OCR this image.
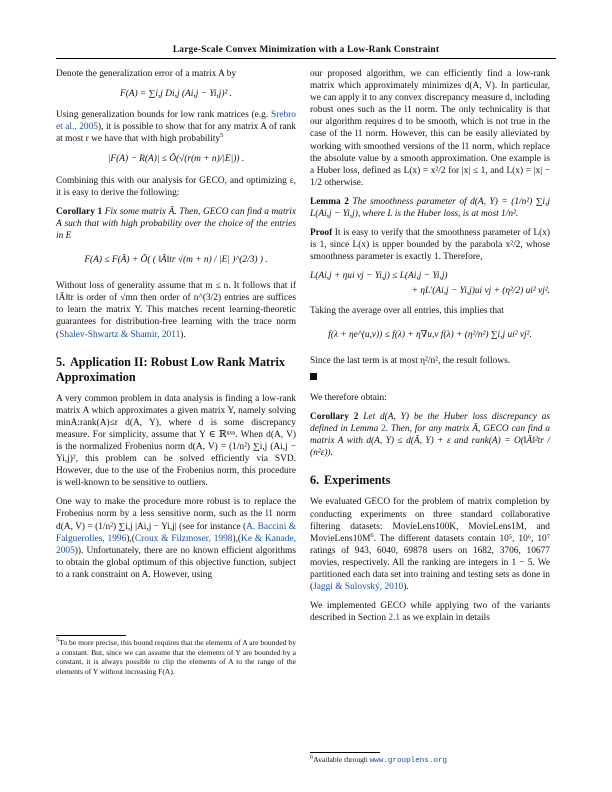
Large-Scale Convex Minimization with a Low-Rank Constraint

Denote the generalization error of a matrix A by

F(A) = ∑i,j Di,j (Ai,j − Yi,j)² .

Using generalization bounds for low rank matrices (e.g. Srebro et al., 2005), it is possible to show that for any matrix A of rank at most r we have that with high probability$^5$

|F(A) − R(A)| ≤ Õ(√(r(m + n)/|E|)) .

Combining this with our analysis for GECO, and optimizing ε, it is easy to derive the following:

Corollary 1 Fix some matrix Ā. Then, GECO can find a matrix A such that with high probability over the choice of the entries in E

F(A) ≤ F(Ā) + Õ( ( ‖Ā‖tr √(m + n) / |E| )^(2/3) ) .

Without loss of generality assume that m ≤ n. It follows that if ‖Ā‖tr is order of √mn then order of n^(3/2) entries are suffices to learn the matrix Y. This matches recent learning-theoretic guarantees for distribution-free learning with the trace norm (Shalev-Shwartz & Shamir, 2011).

5. Application II: Robust Low Rank Matrix Approximation

A very common problem in data analysis is finding a low-rank matrix A which approximates a given matrix Y, namely solving minA:rank(A)≤r d(A, Y), where d is some discrepancy measure. For simplicity, assume that Y ∈ ℝⁿˣⁿ. When d(A, V) is the normalized Frobenius norm d(A, V) = (1/n²) ∑i,j (Ai,j − Yi,j)², this problem can be solved efficiently via SVD. However, due to the use of the Frobenius norm, this procedure is well-known to be sensitive to outliers.

One way to make the procedure more robust is to replace the Frobenius norm by a less sensitive norm, such as the l1 norm d(A, V) = (1/n²) ∑i,j |Ai,j − Yi,j| (see for instance (A. Baccini & Falguerolles, 1996),(Croux & Filzmoser, 1998),(Ke & Kanade, 2005)). Unfortunately, there are no known efficient algorithms to obtain the global optimum of this objective function, subject to a rank constraint on A. However, using

$^5$To be more precise, this bound requires that the elements of A are bounded by a constant. But, since we can assume that the elements of Y are bounded by a constant, it is always possible to clip the elements of A to the range of the elements of Y without increasing F(A).

our proposed algorithm, we can efficiently find a low-rank matrix which approximately minimizes d(A, V). In particular, we can apply it to any convex discrepancy measure d, including robust ones such as the l1 norm. The only technicality is that our algorithm requires d to be smooth, which is not true in the case of the l1 norm. However, this can be easily alleviated by working with smoothed versions of the l1 norm, which replace the absolute value by a smooth approximation. One example is a Huber loss, defined as L(x) = x²/2 for |x| ≤ 1, and L(x) = |x| − 1/2 otherwise.

Lemma 2 The smoothness parameter of d(A, Y) = (1/n²) ∑i,j L(Ai,j − Yi,j), where L is the Huber loss, is at most 1/n².

Proof It is easy to verify that the smoothness parameter of L(x) is 1, since L(x) is upper bounded by the parabola x²/2, whose smoothness parameter is exactly 1. Therefore,

L(Ai,j + ηui vj − Yi,j) ≤ L(Ai,j − Yi,j)
+ ηL′(Ai,j − Yi,j)ui vj + (η²/2) ui² vj².

Taking the average over all entries, this implies that

f(λ + ηe^(u,v)) ≤ f(λ) + η∇u,v f(λ) + (η²/n²) ∑i,j ui² vj².

Since the last term is at most η²/n², the result follows.

We therefore obtain:

Corollary 2 Let d(A, Y) be the Huber loss discrepancy as defined in Lemma 2. Then, for any matrix Ā, GECO can find a matrix A with d(A, Y) ≤ d(Ā, Y) + ε and rank(A) = O(‖Ā‖²tr / (n²ε)).

6. Experiments

We evaluated GECO for the problem of matrix completion by conducting experiments on three standard collaborative filtering datasets: MovieLens100K, MovieLens1M, and $MovieLens10M^6$. The different datasets contain 10⁵, 10⁶, 10⁷ ratings of 943, 6040, 69878 users on 1682, 3706, 10677 movies, respectively. All the ranking are integers in 1 − 5. We partitioned each data set into training and testing sets as done in (Jaggi & Sulovský, 2010).

We implemented GECO while applying two of the variants described in Section 2.1 as we explain in details

$^6$Available through www.grouplens.org
